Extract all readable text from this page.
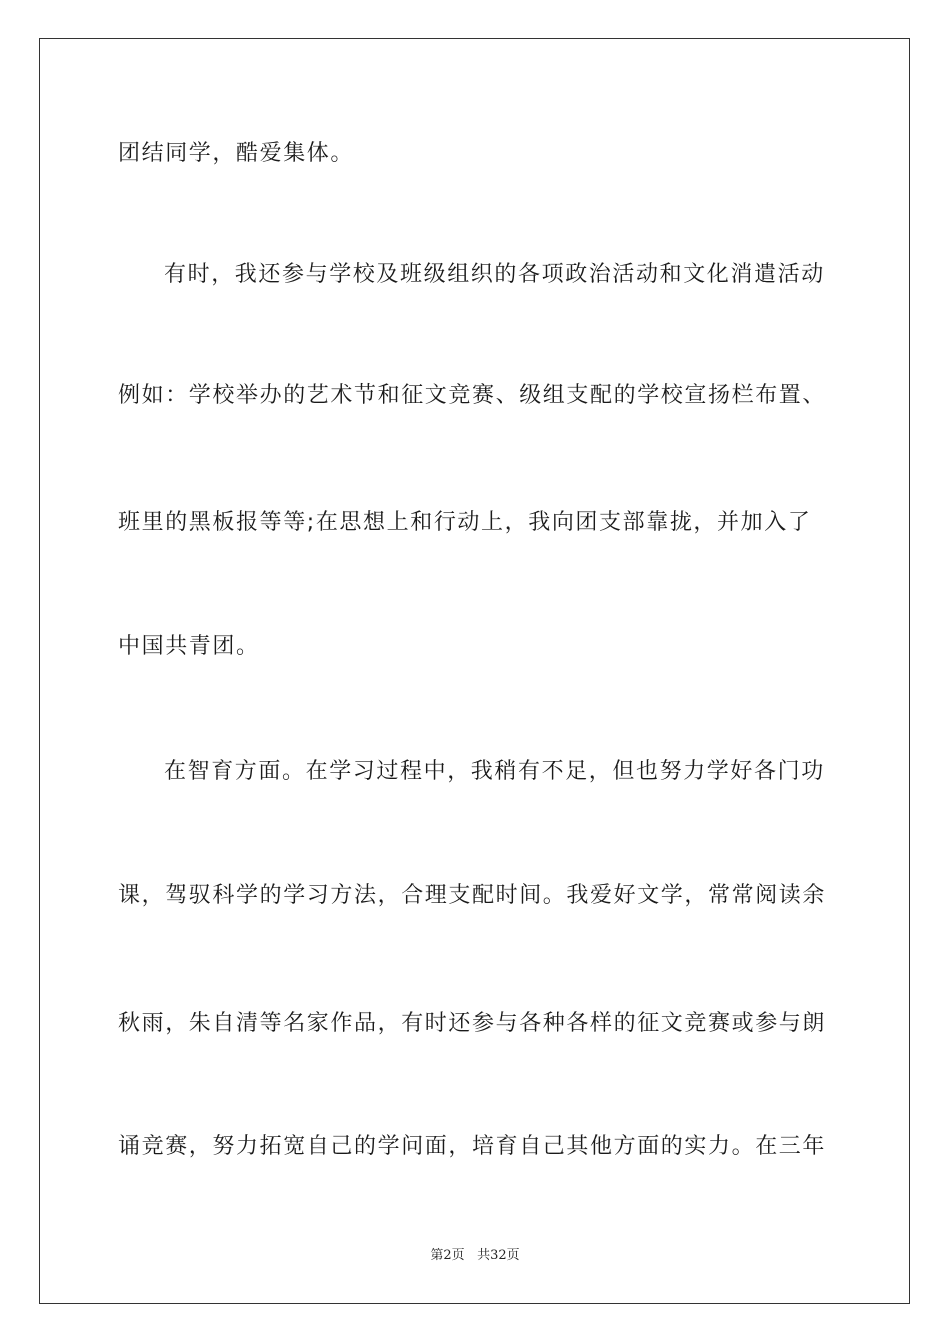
团结同学，酷爱集体。
有时，我还参与学校及班级组织的各项政治活动和文化消遣活动
例如：学校举办的艺术节和征文竞赛、级组支配的学校宣扬栏布置、
班里的黑板报等等;在思想上和行动上，我向团支部靠拢，并加入了
中国共青团。
在智育方面。在学习过程中，我稍有不足，但也努力学好各门功
课，驾驭科学的学习方法，合理支配时间。我爱好文学，常常阅读余
秋雨，朱自清等名家作品，有时还参与各种各样的征文竞赛或参与朗
诵竞赛，努力拓宽自己的学问面，培育自己其他方面的实力。在三年
第2页 共32页
